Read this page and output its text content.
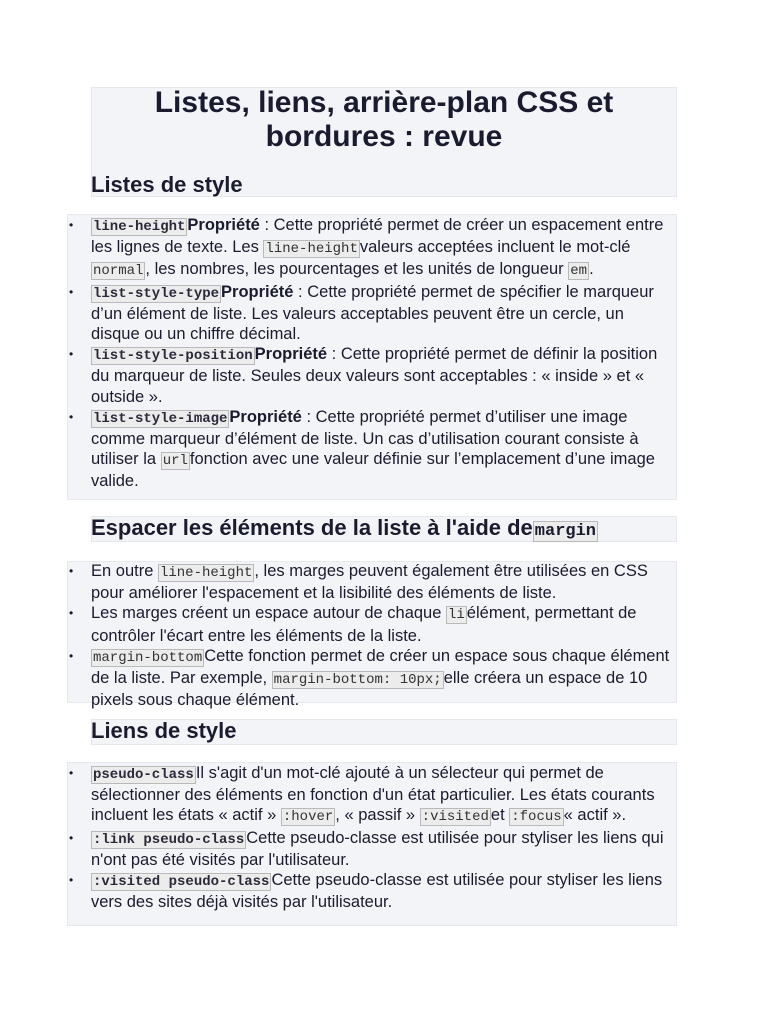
Listes, liens, arrière-plan CSS et bordures : revue
Listes de style
• line-height Propriété : Cette propriété permet de créer un espacement entre les lignes de texte. Les line-height valeurs acceptées incluent le mot-clé normal , les nombres, les pourcentages et les unités de longueur em .
• list-style-type Propriété : Cette propriété permet de spécifier le marqueur d’un élément de liste. Les valeurs acceptables peuvent être un cercle, un disque ou un chiffre décimal.
• list-style-position Propriété : Cette propriété permet de définir la position du marqueur de liste. Seules deux valeurs sont acceptables : « inside » et « outside ».
• list-style-image Propriété : Cette propriété permet d’utiliser une image comme marqueur d’élément de liste. Un cas d’utilisation courant consiste à utiliser la url fonction avec une valeur définie sur l’emplacement d’une image valide.
Espacer les éléments de la liste à l'aide de margin
• En outre line-height , les marges peuvent également être utilisées en CSS pour améliorer l'espacement et la lisibilité des éléments de liste.
• Les marges créent un espace autour de chaque li élément, permettant de contrôler l'écart entre les éléments de la liste.
• margin-bottom Cette fonction permet de créer un espace sous chaque élément de la liste. Par exemple, margin-bottom: 10px; elle créera un espace de 10 pixels sous chaque élément.
Liens de style
• pseudo-class Il s'agit d'un mot-clé ajouté à un sélecteur qui permet de sélectionner des éléments en fonction d'un état particulier. Les états courants incluent les états « actif » :hover , « passif » :visited et :focus « actif ».
• :link pseudo-class Cette pseudo-classe est utilisée pour styliser les liens qui n'ont pas été visités par l'utilisateur.
• :visited pseudo-class Cette pseudo-classe est utilisée pour styliser les liens vers des sites déjà visités par l'utilisateur.
